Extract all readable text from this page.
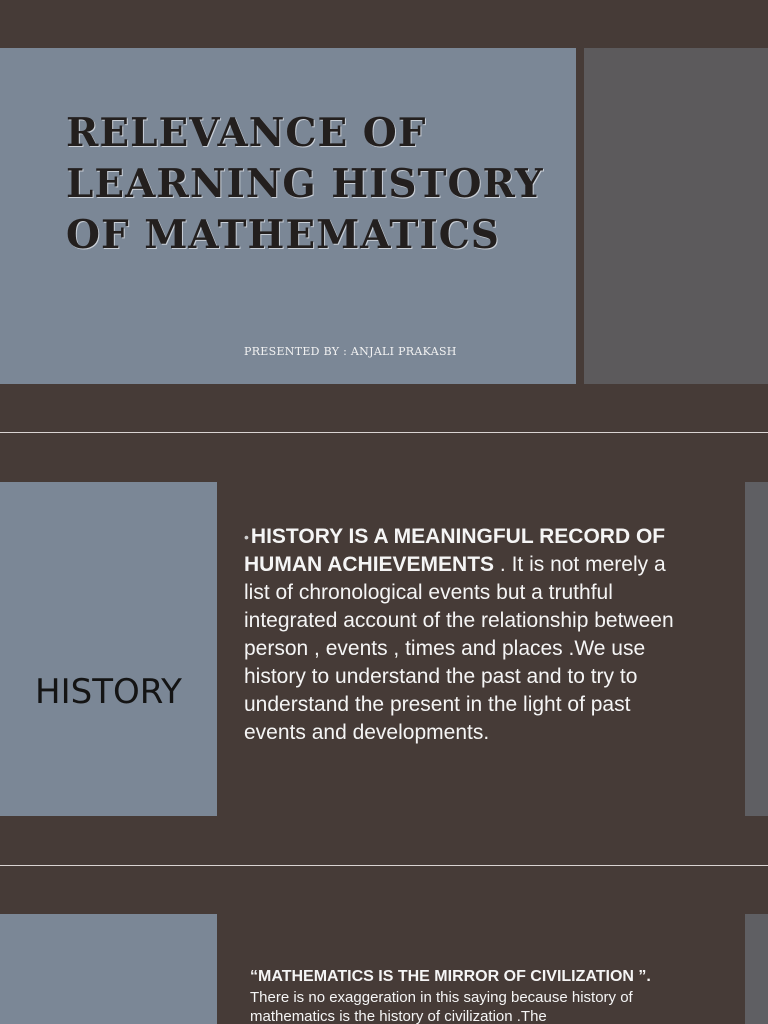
RELEVANCE OF
LEARNING HISTORY
OF MATHEMATICS
PRESENTED BY : ANJALI PRAKASH
HISTORY

•HISTORY IS A MEANINGFUL RECORD OF HUMAN ACHIEVEMENTS . It is not merely a list of chronological events but a truthful integrated account of the relationship between person , events , times and places .We use history to understand the past and to try to understand the present in the light of past events and developments.

“MATHEMATICS IS THE MIRROR OF CIVILIZATION ”.
There is no exaggeration in this saying because history of mathematics is the history of civilization .The
